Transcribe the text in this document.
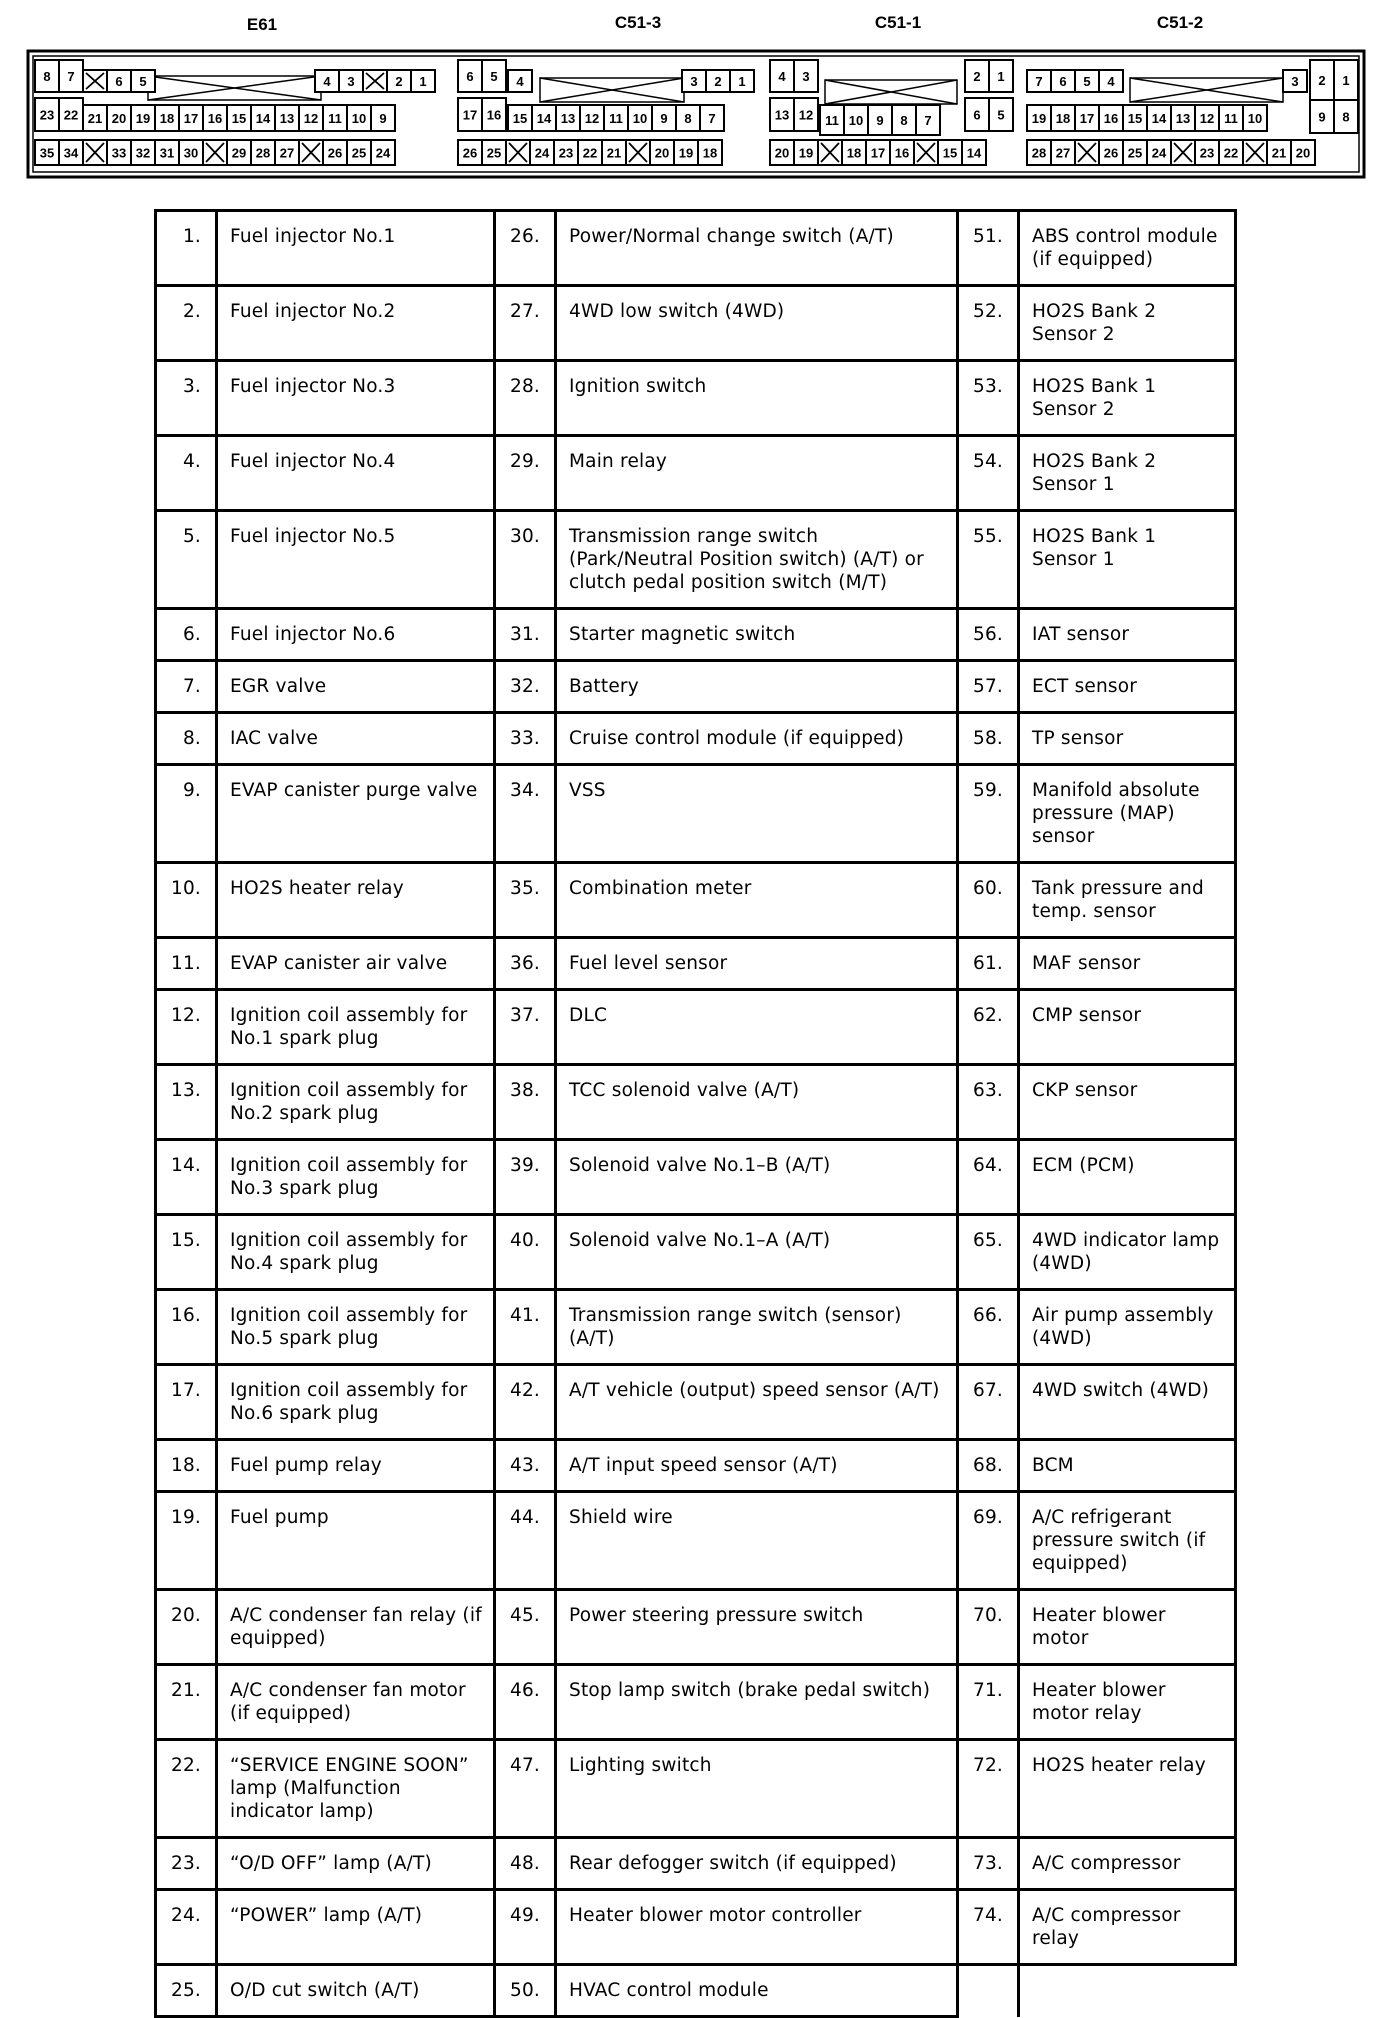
E61	C51-3	C51-1	C51-2
8 7	6 5	4 3	2 1
23 22 21 20 19 18 17 16 15 14 13 12 11 10 9
35 34	33 32 31 30	29 28 27	26 25 24
6 5 4	3 2 1
17 16 15 14 13 12 11 10 9 8 7
26 25	24 23 22 21	20 19 18
4 3	2 1
13 12 11 10 9 8 7	6 5
20 19	18 17 16	15 14
7 6 5 4	3 2 1
19 18 17 16 15 14 13 12 11 10	9 8
28 27	26 25 24	23 22	21 20
1.	Fuel injector No.1	26.	Power/Normal change switch (A/T)	51.	ABS control module (if equipped)
2.	Fuel injector No.2	27.	4WD low switch (4WD)	52.	HO2S Bank 2 Sensor 2
3.	Fuel injector No.3	28.	Ignition switch	53.	HO2S Bank 1 Sensor 2
4.	Fuel injector No.4	29.	Main relay	54.	HO2S Bank 2 Sensor 1
5.	Fuel injector No.5	30.	Transmission range switch (Park/Neutral Position switch) (A/T) or clutch pedal position switch (M/T)	55.	HO2S Bank 1 Sensor 1
6.	Fuel injector No.6	31.	Starter magnetic switch	56.	IAT sensor
7.	EGR valve	32.	Battery	57.	ECT sensor
8.	IAC valve	33.	Cruise control module (if equipped)	58.	TP sensor
9.	EVAP canister purge valve	34.	VSS	59.	Manifold absolute pressure (MAP) sensor
10.	HO2S heater relay	35.	Combination meter	60.	Tank pressure and temp. sensor
11.	EVAP canister air valve	36.	Fuel level sensor	61.	MAF sensor
12.	Ignition coil assembly for No.1 spark plug	37.	DLC	62.	CMP sensor
13.	Ignition coil assembly for No.2 spark plug	38.	TCC solenoid valve (A/T)	63.	CKP sensor
14.	Ignition coil assembly for No.3 spark plug	39.	Solenoid valve No.1–B (A/T)	64.	ECM (PCM)
15.	Ignition coil assembly for No.4 spark plug	40.	Solenoid valve No.1–A (A/T)	65.	4WD indicator lamp (4WD)
16.	Ignition coil assembly for No.5 spark plug	41.	Transmission range switch (sensor) (A/T)	66.	Air pump assembly (4WD)
17.	Ignition coil assembly for No.6 spark plug	42.	A/T vehicle (output) speed sensor (A/T)	67.	4WD switch (4WD)
18.	Fuel pump relay	43.	A/T input speed sensor (A/T)	68.	BCM
19.	Fuel pump	44.	Shield wire	69.	A/C refrigerant pressure switch (if equipped)
20.	A/C condenser fan relay (if equipped)	45.	Power steering pressure switch	70.	Heater blower motor
21.	A/C condenser fan motor (if equipped)	46.	Stop lamp switch (brake pedal switch)	71.	Heater blower motor relay
22.	“SERVICE ENGINE SOON” lamp (Malfunction indicator lamp)	47.	Lighting switch	72.	HO2S heater relay
23.	“O/D OFF” lamp (A/T)	48.	Rear defogger switch (if equipped)	73.	A/C compressor
24.	“POWER” lamp (A/T)	49.	Heater blower motor controller	74.	A/C compressor relay
25.	O/D cut switch (A/T)	50.	HVAC control module		
